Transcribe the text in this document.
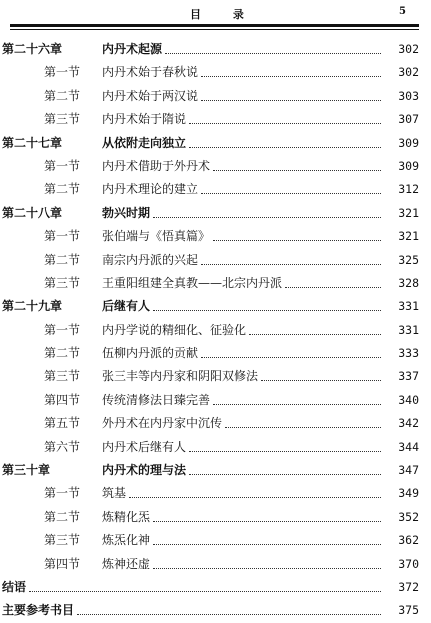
目 录	5
第二十六章	内丹术起源	302
第一节 内丹术始于春秋说	302
第二节 内丹术始于两汉说	303
第三节 内丹术始于隋说	307
第二十七章	从依附走向独立	309
第一节 内丹术借助于外丹术	309
第二节 内丹术理论的建立	312
第二十八章	勃兴时期	321
第一节 张伯端与《悟真篇》	321
第二节 南宗内丹派的兴起	325
第三节 王重阳组建全真教——北宗内丹派	328
第二十九章	后继有人	331
第一节 内丹学说的精细化、征验化	331
第二节 伍柳内丹派的贡献	333
第三节 张三丰等内丹家和阴阳双修法	337
第四节 传统清修法日臻完善	340
第五节 外丹术在内丹家中沉传	342
第六节 内丹术后继有人	344
第三十章	内丹术的理与法	347
第一节 筑基	349
第二节 炼精化炁	352
第三节 炼炁化神	362
第四节 炼神还虚	370
结语	372
主要参考书目	375
